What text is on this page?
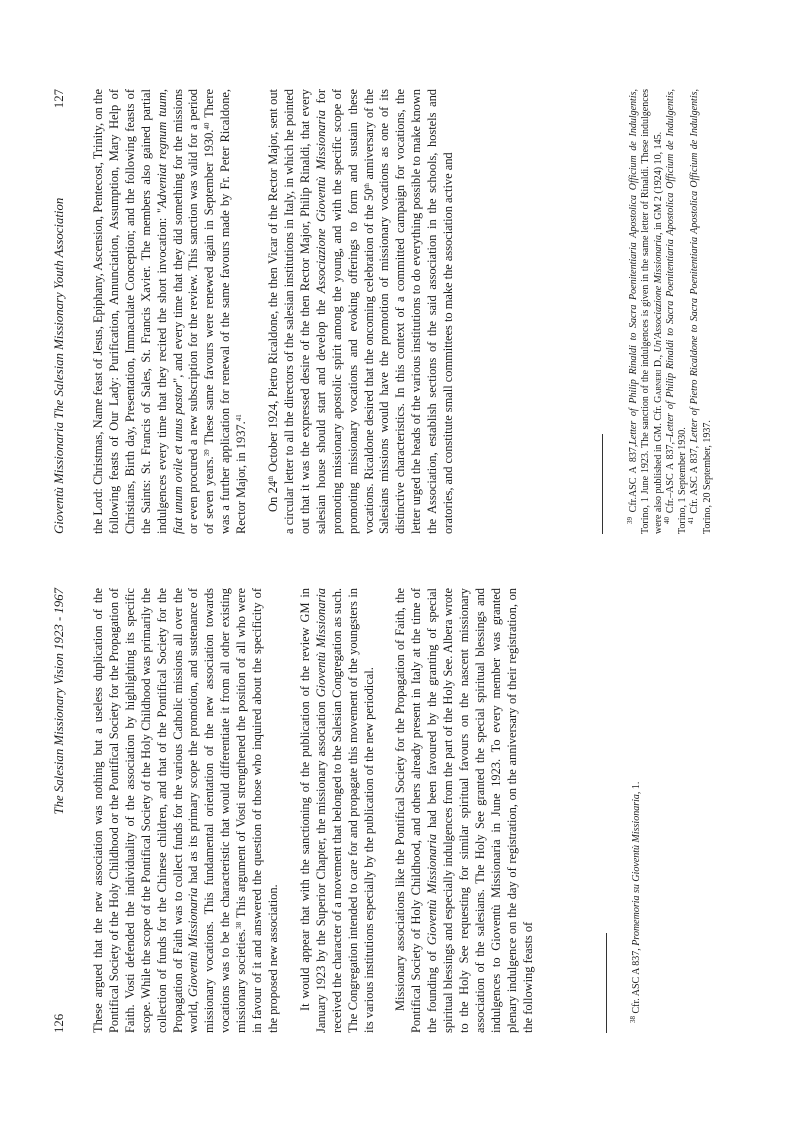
126
The Salesian Missionary Vision 1923 - 1967 These argued that the new association was nothing but a useless duplication of the Pontifical Society of the Holy Childhood or the Pontifical Society for the Propagation of Faith. Vosti defended the individuality of the association by highlighting its specific scope. While the scope of the Pontifical Society of the Holy Childhood was primarily the collection of funds for the Chinese children, and that of the Pontifical Society for the Propagation of Faith was to collect funds for the various Catholic missions all over the world, Gioventù Missionaria had as its primary scope the promotion, and sustenance of missionary vocations. This fundamental orientation of the new association towards vocations was to be the characteristic that would differentiate it from all other existing missionary societies.$^{38}$ This argument of Vosti strengthened the position of all who were in favour of it and answered the question of those who inquired about the specificity of the proposed new association. It would appear that with the sanctioning of the publication of the review GM in January 1923 by the Superior Chapter, the missionary association Gioventù Missionaria received the character of a movement that belonged to the Salesian Congregation as such. The Congregation intended to care for and propagate this movement of the youngsters in its various institutions especially by the publication of the new periodical. Missionary associations like the Pontifical Society for the Propagation of Faith, the Pontifical Society of Holy Childhood, and others already present in Italy at the time of the founding of Gioventù Missionaria had been favoured by the granting of special spiritual blessings and especially indulgences from the part of the Holy See. Albera wrote to the Holy See requesting for similar spiritual favours on the nascent missionary association of the salesians. The Holy See granted the special spiritual blessings and indulgences to Gioventù Missionaria in June 1923. To every member was granted plenary indulgence on the day of registration, on the anniversary of their registration, on the following feasts of	$^{38}$ Cfr. ASC A 837, Promemoria su Gioventù Missionaria, 1.

Gioventù Missionaria The Salesian Missionary Youth Association
127 the Lord: Christmas, Name feast of Jesus, Epiphany, Ascension, Pentecost, Trinity, on the following feasts of Our Lady: Purification, Annunciation, Assumption, Mary Help of Christians, Birth day, Presentation, Immaculate Conception; and the following feasts of the Saints: St. Francis of Sales, St. Francis Xavier. The members also gained partial indulgences every time that they recited the short invocation: "Adveniat regnum tuum, fiat unum ovile et unus pastor", and every time that they did something for the missions or even procured a new subscription for the review. This sanction was valid for a period of seven years.$^{39}$ These same favours were renewed again in September 1930.40 There was a further application for renewal of the same favours made by Fr. Peter Ricaldone, Rector Major, in 1937.41

On 24th October 1924, Pietro Ricaldone, the then Vicar of the Rector Major, sent out a circular letter to all the directors of the salesian institutions in Italy, in which he pointed out that it was the expressed desire of the then Rector Major, Philip Rinaldi, that every salesian house should start and develop the Associazione Gioventù Missionaria for promoting missionary apostolic spirit among the young, and with the specific scope of promoting missionary vocations and evoking offerings to form and sustain these vocations. Ricaldone desired that the oncoming celebration of the 50th anniversary of the Salesians missions would have the promotion of missionary vocations as one of its distinctive characteristics. In this context of a committed campaign for vocations, the letter urged the heads of the various institutions to do everything possible to make known the Association, establish sections of the said association in the schools, hostels and oratories, and constitute small committees to make the association active and	$^{39}$ Cfr.ASC A 837,Letter of Philip Rinaldi to Sacra Poenitentiaria Apostolica Officium de Indulgentis, Torino, 1 June 1923. The sanction of the indulgences is given in the same letter of Rinaldi. These indulgences were also published in GM. Cfr. Garneri D., Un'Associazione Missionaria, in GM 2 (1924) 10, 145.

$^{40}$ Cfr.–ASC A 837,–Letter of Philip Rinaldi to Sacra Poenitentiaria Apostolica Officium de Indulgentis, Torino, 1 September 1930. $^{41}$ Cfr. ASC A 837, Letter of Pietro Ricaldone to Sacra Poenitentiaria Apostolica Officium de Indulgentis, Torino, 20 September, 1937.
